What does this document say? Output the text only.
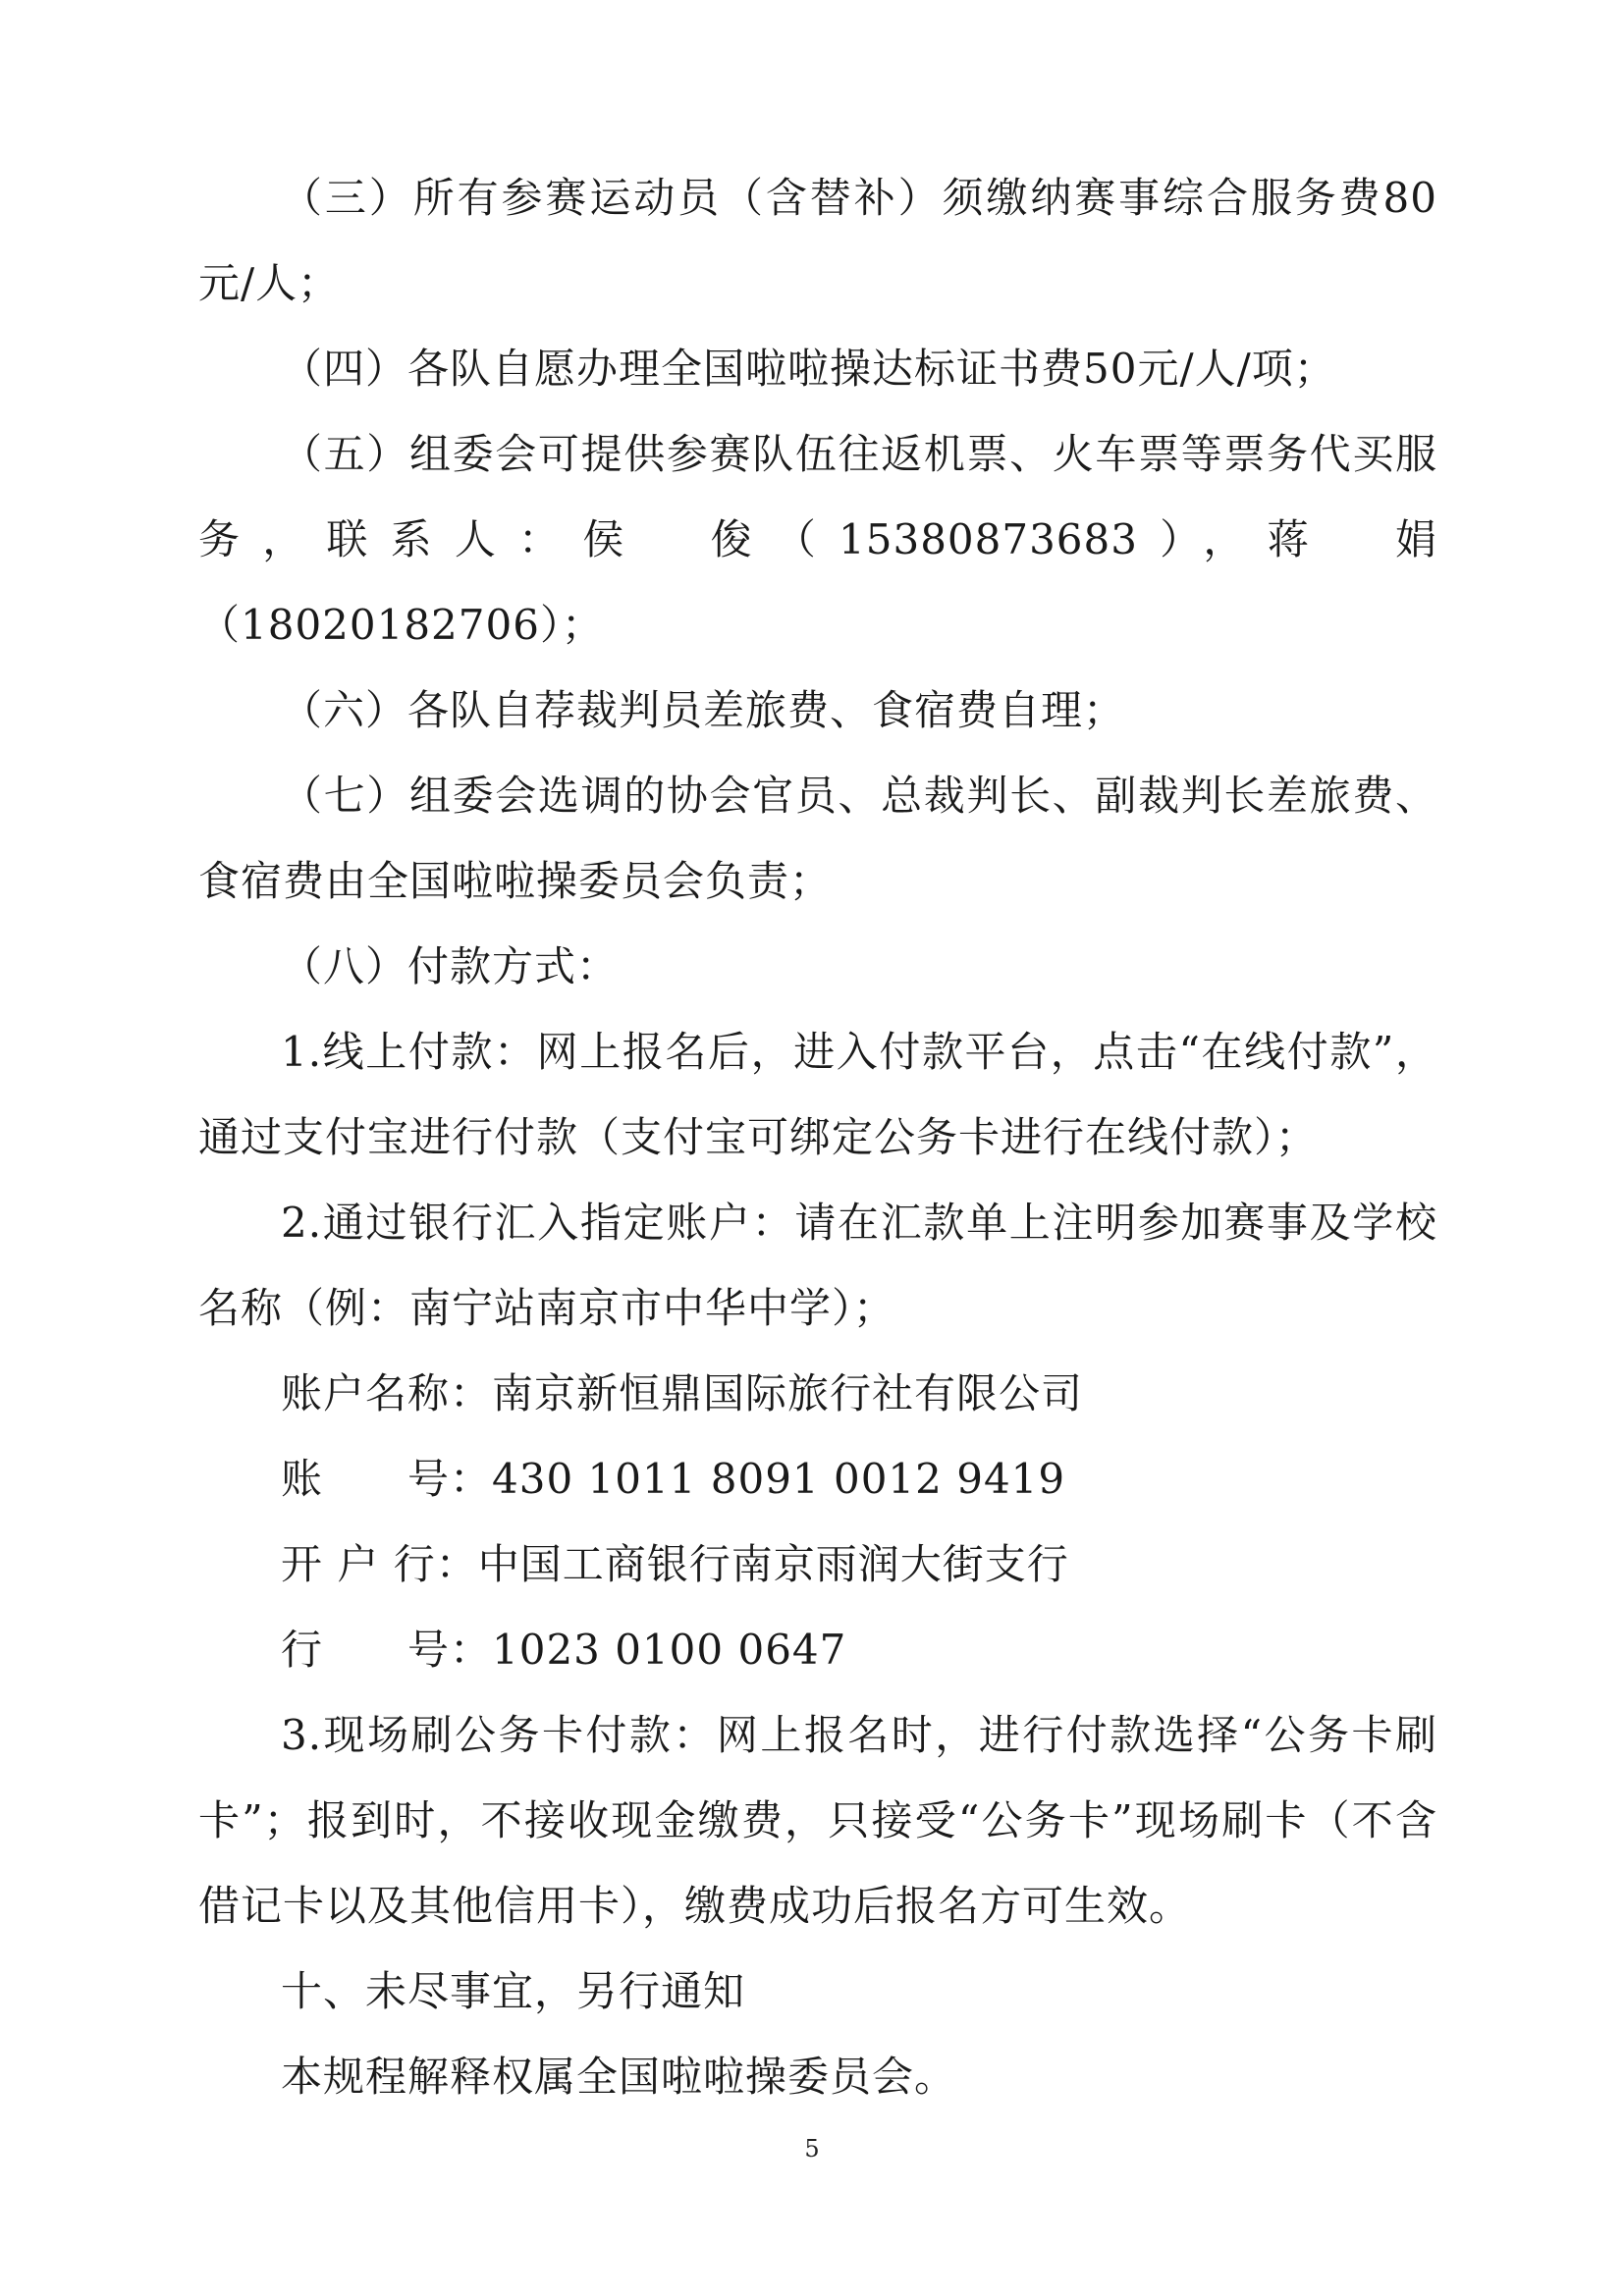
（三）所有参赛运动员（含替补）须缴纳赛事综合服务费80元/人；

（四）各队自愿办理全国啦啦操达标证书费50元/人/项；

（五）组委会可提供参赛队伍往返机票、火车票等票务代买服务，联系人：侯　俊（15380873683），蒋　娟（18020182706）；

（六）各队自荐裁判员差旅费、食宿费自理；

（七）组委会选调的协会官员、总裁判长、副裁判长差旅费、食宿费由全国啦啦操委员会负责；

（八）付款方式：

1.线上付款：网上报名后，进入付款平台，点击“在线付款”，通过支付宝进行付款（支付宝可绑定公务卡进行在线付款）；

2.通过银行汇入指定账户：请在汇款单上注明参加赛事及学校名称（例：南宁站南京市中华中学）；

账户名称：南京新恒鼎国际旅行社有限公司

账　　号：430 1011 8091 0012 9419

开 户 行：中国工商银行南京雨润大街支行

行　　号：1023 0100 0647

3.现场刷公务卡付款：网上报名时，进行付款选择“公务卡刷卡”；报到时，不接收现金缴费，只接受“公务卡”现场刷卡（不含借记卡以及其他信用卡），缴费成功后报名方可生效。

十、未尽事宜，另行通知

本规程解释权属全国啦啦操委员会。

5
